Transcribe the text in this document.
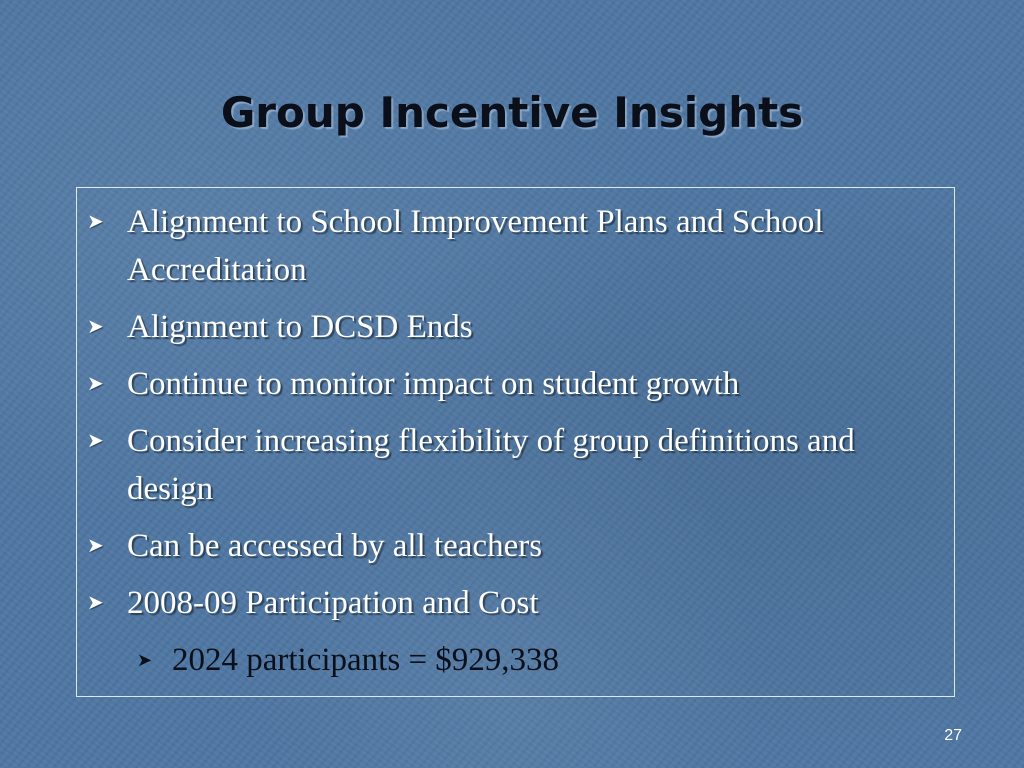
Group Incentive Insights
➤ Alignment to School Improvement Plans and School Accreditation
➤ Alignment to DCSD Ends
➤ Continue to monitor impact on student growth
➤ Consider increasing flexibility of group definitions and design
➤ Can be accessed by all teachers
➤ 2008-09 Participation and Cost
➤ 2024 participants = $929,338
27
